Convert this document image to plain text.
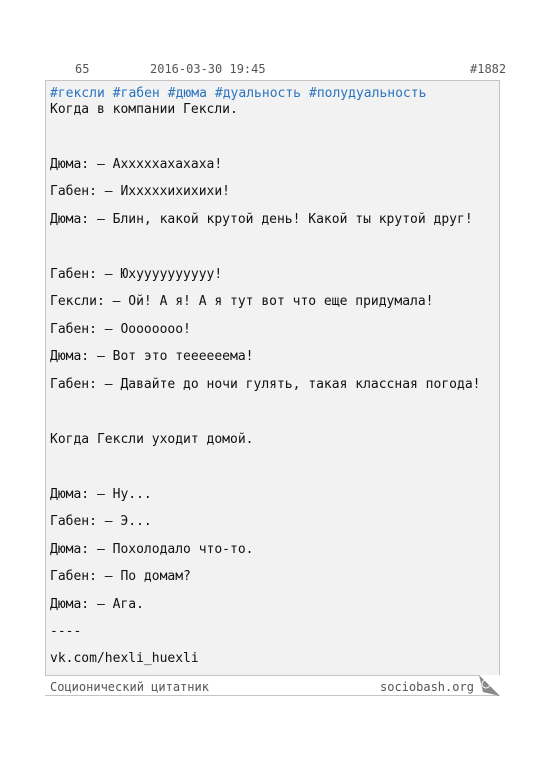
65	2016-03-30 19:45	#1882
#гексли #габен #дюма #дуальность #полудуальность
Когда в компании Гексли.
Дюма: – Ахххххахахаха!
Габен: – Ихххххихихихи!
Дюма: – Блин, какой крутой день! Какой ты крутой друг!
Габен: – Юхуууууууууу!
Гексли: – Ой! А я! А я тут вот что еще придумала!
Габен: – Оооооооо!
Дюма: – Вот это теееееема!
Габен: – Давайте до ночи гулять, такая классная погода!
Когда Гексли уходит домой.
Дюма: – Ну...
Габен: – Э...
Дюма: – Похолодало что-то.
Габен: – По домам?
Дюма: – Ага.
----
vk.com/hexli_huexli
Соционический цитатник	sociobash.org
